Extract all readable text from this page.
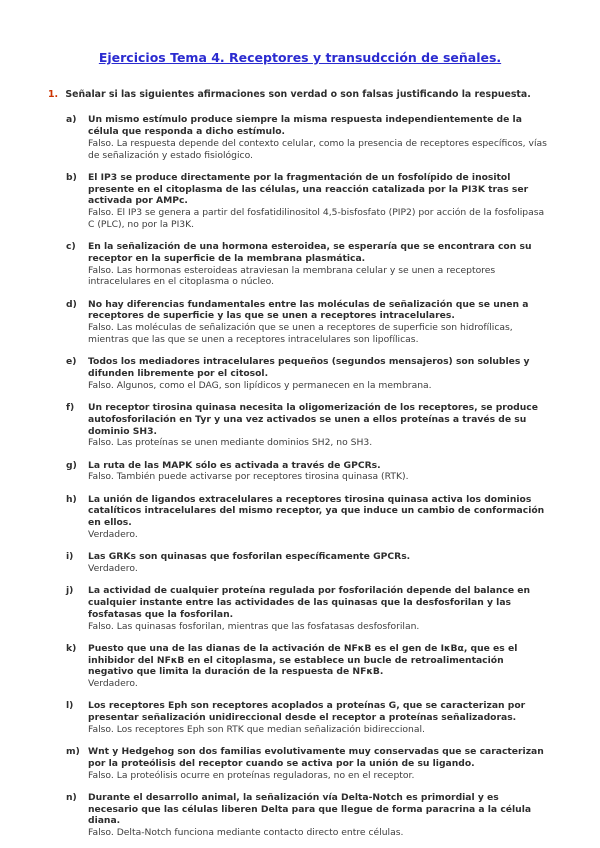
Ejercicios Tema 4. Receptores y transudcción de señales.

1. Señalar si las siguientes afirmaciones son verdad o son falsas justificando la respuesta.

a)	Un mismo estímulo produce siempre la misma respuesta independientemente de la célula que responda a dicho estímulo.
Falso. La respuesta depende del contexto celular, como la presencia de receptores específicos, vías de señalización y estado fisiológico.
b)	El IP3 se produce directamente por la fragmentación de un fosfolípido de inositol presente en el citoplasma de las células, una reacción catalizada por la PI3K tras ser activada por AMPc.
Falso. El IP3 se genera a partir del fosfatidilinositol 4,5-bisfosfato (PIP2) por acción de la fosfolipasa C (PLC), no por la PI3K.
c)	En la señalización de una hormona esteroidea, se esperaría que se encontrara con su receptor en la superficie de la membrana plasmática.
Falso. Las hormonas esteroideas atraviesan la membrana celular y se unen a receptores intracelulares en el citoplasma o núcleo.
d)	No hay diferencias fundamentales entre las moléculas de señalización que se unen a receptores de superficie y las que se unen a receptores intracelulares.
Falso. Las moléculas de señalización que se unen a receptores de superficie son hidrofílicas, mientras que las que se unen a receptores intracelulares son lipofílicas.
e)	Todos los mediadores intracelulares pequeños (segundos mensajeros) son solubles y difunden libremente por el citosol.
Falso. Algunos, como el DAG, son lipídicos y permanecen en la membrana.
f)	Un receptor tirosina quinasa necesita la oligomerización de los receptores, se produce autofosforilación en Tyr y una vez activados se unen a ellos proteínas a través de su dominio SH3.
Falso. Las proteínas se unen mediante dominios SH2, no SH3.
g)	La ruta de las MAPK sólo es activada a través de GPCRs.
Falso. También puede activarse por receptores tirosina quinasa (RTK).
h)	La unión de ligandos extracelulares a receptores tirosina quinasa activa los dominios catalíticos intracelulares del mismo receptor, ya que induce un cambio de conformación en ellos.
Verdadero.
i)	Las GRKs son quinasas que fosforilan específicamente GPCRs.
Verdadero.
j)	La actividad de cualquier proteína regulada por fosforilación depende del balance en cualquier instante entre las actividades de las quinasas que la desfosforilan y las fosfatasas que la fosforilan.
Falso. Las quinasas fosforilan, mientras que las fosfatasas desfosforilan.
k)	Puesto que una de las dianas de la activación de NFκB es el gen de IκBα, que es el inhibidor del NFκB en el citoplasma, se establece un bucle de retroalimentación negativo que limita la duración de la respuesta de NFκB.
Verdadero.
l)	Los receptores Eph son receptores acoplados a proteínas G, que se caracterizan por presentar señalización unidireccional desde el receptor a proteínas señalizadoras.
Falso. Los receptores Eph son RTK que median señalización bidireccional.
m) Wnt y Hedgehog son dos familias evolutivamente muy conservadas que se caracterizan por la proteólisis del receptor cuando se activa por la unión de su ligando.
Falso. La proteólisis ocurre en proteínas reguladoras, no en el receptor.
n)	Durante el desarrollo animal, la señalización vía Delta-Notch es primordial y es necesario que las células liberen Delta para que llegue de forma paracrina a la célula diana.
Falso. Delta-Notch funciona mediante contacto directo entre células.
